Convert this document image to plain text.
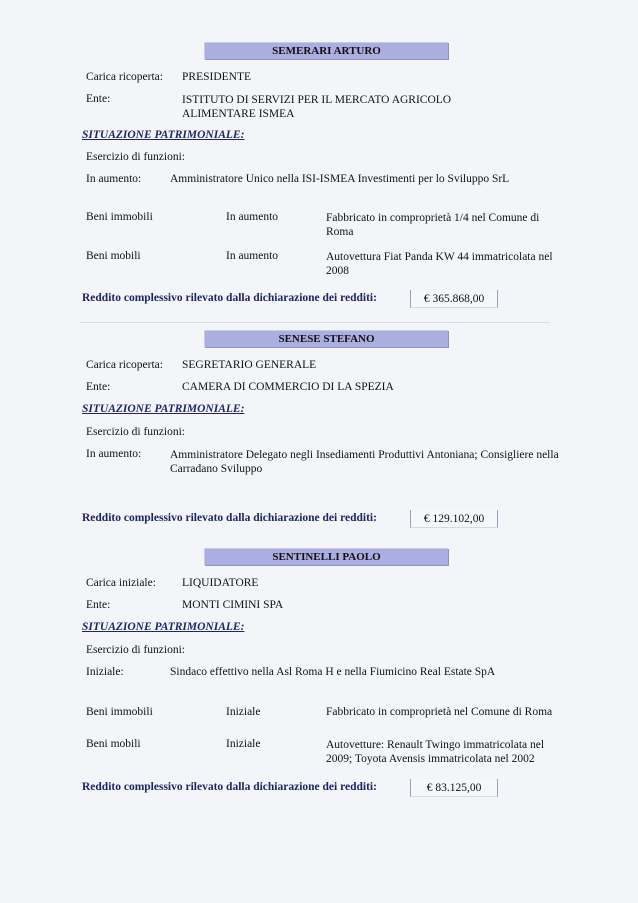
SEMERARI ARTURO
Carica ricoperta: PRESIDENTE
Ente:	ISTITUTO DI SERVIZI PER IL MERCATO AGRICOLO ALIMENTARE ISMEA
SITUAZIONE PATRIMONIALE:
Esercizio di funzioni:
In aumento:	Amministratore Unico nella ISI-ISMEA Investimenti per lo Sviluppo SrL
Beni immobili	In aumento	Fabbricato in comproprietà 1/4 nel Comune di Roma
Beni mobili	In aumento	Autovettura Fiat Panda KW 44 immatricolata nel 2008
Reddito complessivo rilevato dalla dichiarazione dei redditi:	€ 365.868,00
SENESE STEFANO
Carica ricoperta: SEGRETARIO GENERALE
Ente:	CAMERA DI COMMERCIO DI LA SPEZIA
SITUAZIONE PATRIMONIALE:
Esercizio di funzioni:
In aumento:	Amministratore Delegato negli Insediamenti Produttivi Antoniana; Consigliere nella Carradano Sviluppo
Reddito complessivo rilevato dalla dichiarazione dei redditi:	€ 129.102,00
SENTINELLI PAOLO
Carica iniziale: LIQUIDATORE
Ente:	MONTI CIMINI SPA
SITUAZIONE PATRIMONIALE:
Esercizio di funzioni:
Iniziale:	Sindaco effettivo nella Asl Roma H e nella Fiumicino Real Estate SpA
Beni immobili	Iniziale	Fabbricato in comproprietà nel Comune di Roma
Beni mobili	Iniziale	Autovetture: Renault Twingo immatricolata nel 2009; Toyota Avensis immatricolata nel 2002
Reddito complessivo rilevato dalla dichiarazione dei redditi:	€ 83.125,00
